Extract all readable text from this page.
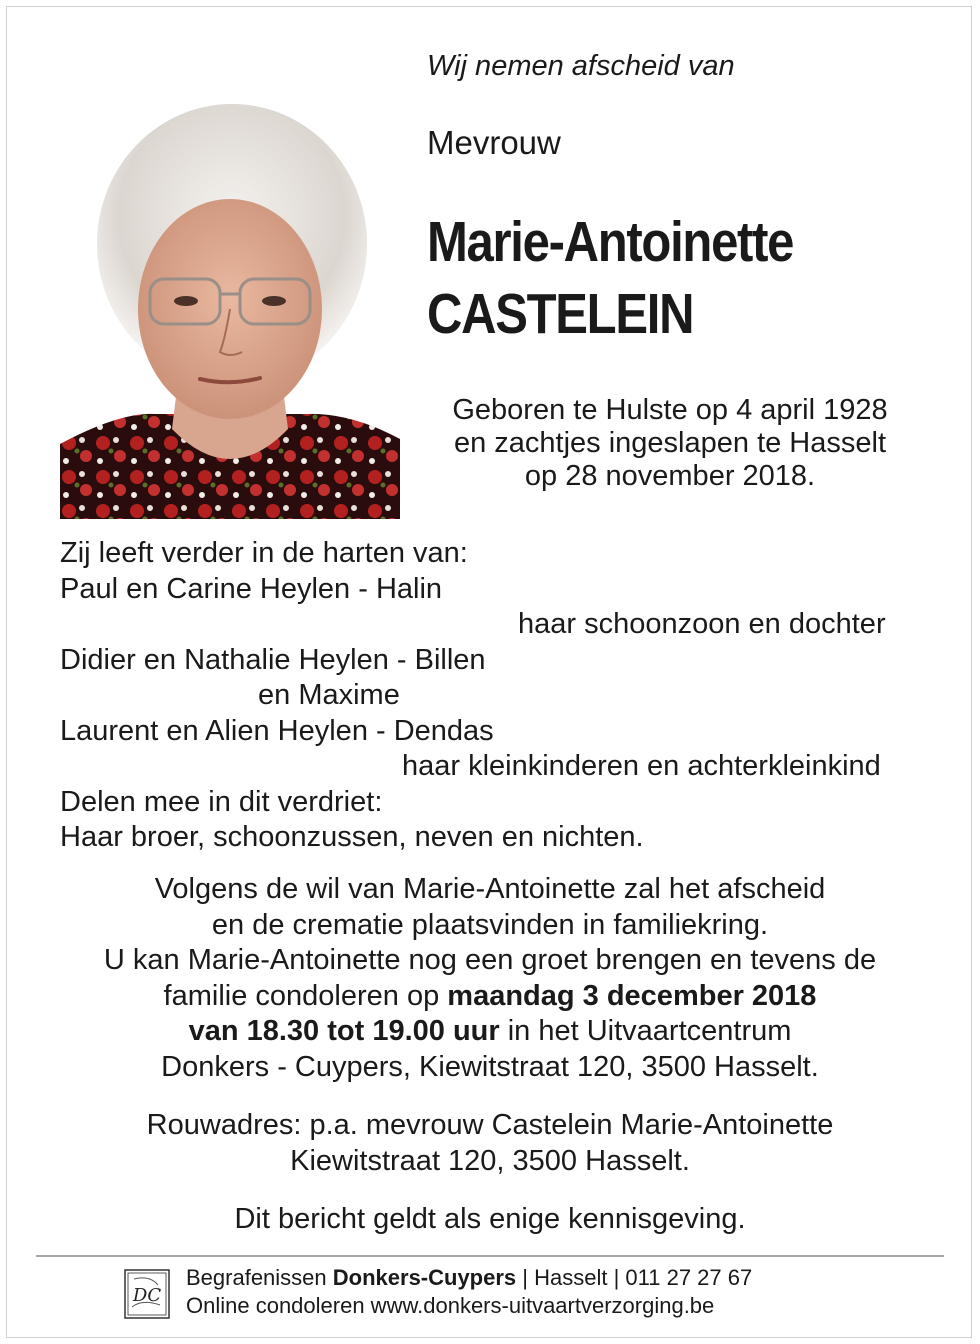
Wij nemen afscheid van
Mevrouw
Marie-Antoinette
CASTELEIN
Geboren te Hulste op 4 april 1928
en zachtjes ingeslapen te Hasselt
op 28 november 2018.
Zij leeft verder in de harten van:
Paul en Carine Heylen - Halin
haar schoonzoon en dochter
Didier en Nathalie Heylen - Billen
en Maxime
Laurent en Alien Heylen - Dendas
haar kleinkinderen en achterkleinkind
Delen mee in dit verdriet:
Haar broer, schoonzussen, neven en nichten.
Volgens de wil van Marie-Antoinette zal het afscheid
en de crematie plaatsvinden in familiekring.
U kan Marie-Antoinette nog een groet brengen en tevens de
familie condoleren op maandag 3 december 2018
van 18.30 tot 19.00 uur in het Uitvaartcentrum
Donkers - Cuypers, Kiewitstraat 120, 3500 Hasselt.
Rouwadres: p.a. mevrouw Castelein Marie-Antoinette
Kiewitstraat 120, 3500 Hasselt.
Dit bericht geldt als enige kennisgeving.
DC
Begrafenissen Donkers-Cuypers | Hasselt | 011 27 27 67
Online condoleren www.donkers-uitvaartverzorging.be
